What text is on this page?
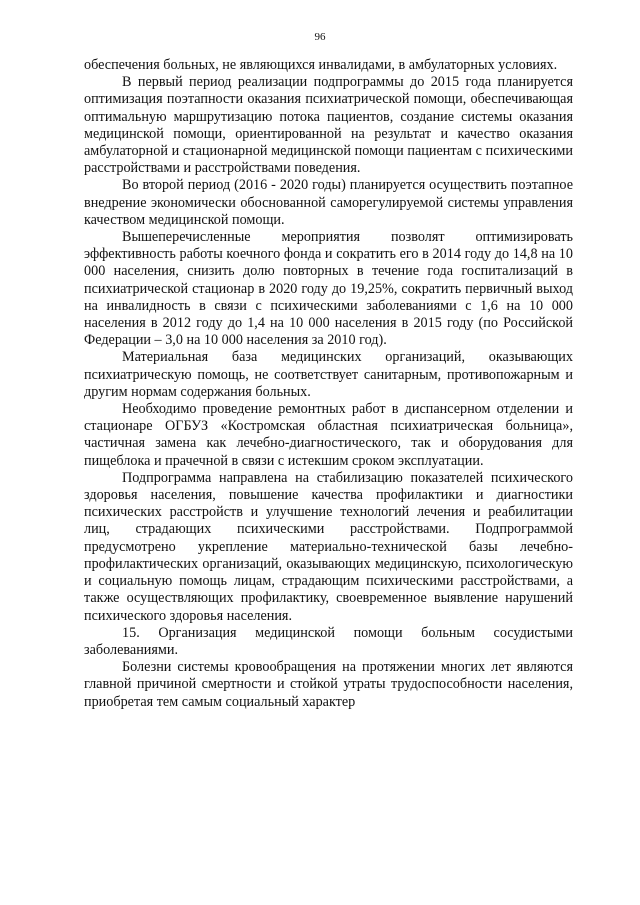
96

обеспечения больных, не являющихся инвалидами, в амбулаторных условиях.

В первый период реализации подпрограммы до 2015 года планируется оптимизация поэтапности оказания психиатрической помощи, обеспечивающая оптимальную маршрутизацию потока пациентов, создание системы оказания медицинской помощи, ориентированной на результат и качество оказания амбулаторной и стационарной медицинской помощи пациентам с психическими расстройствами и расстройствами поведения.

Во второй период (2016 - 2020 годы) планируется осуществить поэтапное внедрение экономически обоснованной саморегулируемой системы управления качеством медицинской помощи.

Вышеперечисленные мероприятия позволят оптимизировать эффективность работы коечного фонда и сократить его в 2014 году до 14,8 на 10 000 населения, снизить долю повторных в течение года госпитализаций в психиатрической стационар в 2020 году до 19,25%, сократить первичный выход на инвалидность в связи с психическими заболеваниями с 1,6 на 10 000 населения в 2012 году до 1,4 на 10 000 населения в 2015 году (по Российской Федерации – 3,0 на 10 000 населения за 2010 год).

Материальная база медицинских организаций, оказывающих психиатрическую помощь, не соответствует санитарным, противопожарным и другим нормам содержания больных.

Необходимо проведение ремонтных работ в диспансерном отделении и стационаре ОГБУЗ «Костромская областная психиатрическая больница», частичная замена как лечебно-диагностического, так и оборудования для пищеблока и прачечной в связи с истекшим сроком эксплуатации.

Подпрограмма направлена на стабилизацию показателей психического здоровья населения, повышение качества профилактики и диагностики психических расстройств и улучшение технологий лечения и реабилитации лиц, страдающих психическими расстройствами. Подпрограммой предусмотрено укрепление материально-технической базы лечебно-профилактических организаций, оказывающих медицинскую, психологическую и социальную помощь лицам, страдающим психическими расстройствами, а также осуществляющих профилактику, своевременное выявление нарушений психического здоровья населения.

15. Организация медицинской помощи больным сосудистыми заболеваниями.

Болезни системы кровообращения на протяжении многих лет являются главной причиной смертности и стойкой утраты трудоспособности населения, приобретая тем самым социальный характер
